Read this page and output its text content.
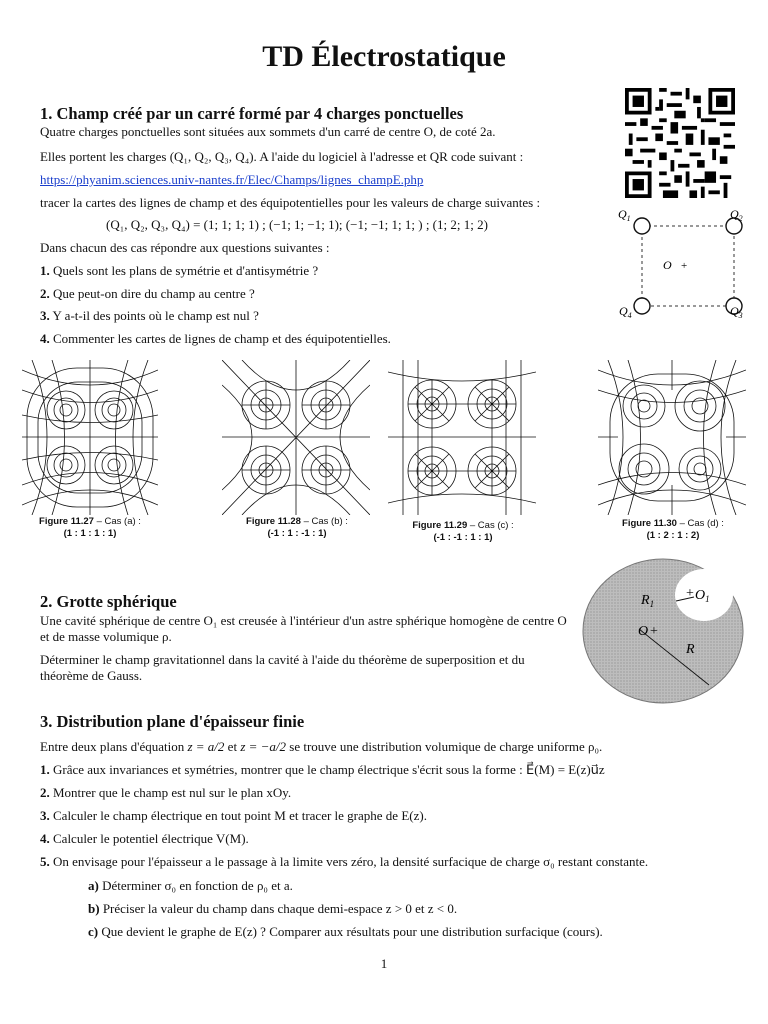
TD Électrostatique
1. Champ créé par un carré formé par 4 charges ponctuelles
Quatre charges ponctuelles sont situées aux sommets d'un carré de centre O, de coté 2a.
Elles portent les charges (Q₁, Q₂, Q₃, Q₄). A l'aide du logiciel à l'adresse et QR code suivant :
https://phyanim.sciences.univ-nantes.fr/Elec/Champs/lignes_champE.php
tracer la cartes des lignes de champ et des équipotentielles pour les valeurs de charge suivantes :
(Q₁, Q₂, Q₃, Q₄) = (1; 1; 1; 1) ; (−1; 1; −1; 1); (−1; −1; 1; 1; ) ; (1; 2; 1; 2)
Dans chacun des cas répondre aux questions suivantes :
1. Quels sont les plans de symétrie et d'antisymétrie ?
2. Que peut-on dire du champ au centre ?
3. Y a-t-il des points où le champ est nul ?
4. Commenter les cartes de lignes de champ et des équipotentielles.
$Q_1$	$Q_2$
$Q_3$
$Q_4$
O +
Figure 11.27 – Cas (a) :
(1 : 1 : 1 : 1)
Figure 11.28 – Cas (b) :
(-1 : 1 : -1 : 1)
Figure 11.29 – Cas (c) :
(-1 : -1 : 1 : 1)
Figure 11.30 – Cas (d) :
(1 : 2 : 1 : 2)
2. Grotte sphérique
Une cavité sphérique de centre O₁ est creusée à l'intérieur d'un astre sphérique homogène de centre O et de masse volumique ρ.
Déterminer le champ gravitationnel dans la cavité à l'aide du théorème de superposition et du théorème de Gauss.
$R_1$
+ $O_1$
O +
R
3. Distribution plane d'épaisseur finie
Entre deux plans d'équation z = a/2 et z = −a/2 se trouve une distribution volumique de charge uniforme ρ₀.
1. Grâce aux invariances et symétries, montrer que le champ électrique s'écrit sous la forme : E⃗(M) = E(z)u⃗z
2. Montrer que le champ est nul sur le plan xOy.
3. Calculer le champ électrique en tout point M et tracer le graphe de E(z).
4. Calculer le potentiel électrique V(M).
5. On envisage pour l'épaisseur a le passage à la limite vers zéro, la densité surfacique de charge σ₀ restant constante.
a) Déterminer σ₀ en fonction de ρ₀ et a.
b) Préciser la valeur du champ dans chaque demi-espace z > 0 et z < 0.
c) Que devient le graphe de E(z) ? Comparer aux résultats pour une distribution surfacique (cours).
1
